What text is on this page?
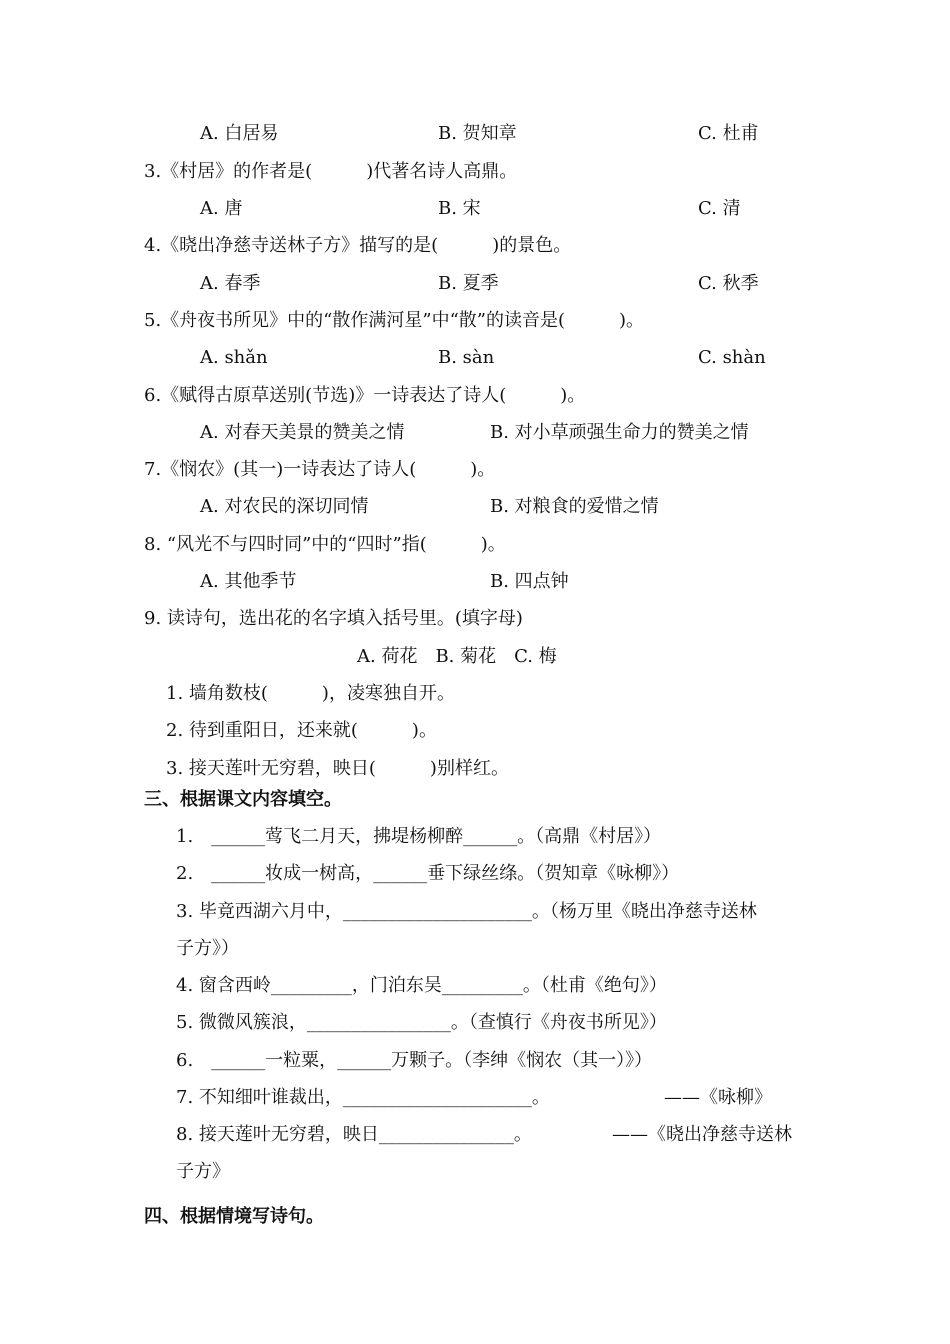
A. 白居易	B. 贺知章	C. 杜甫
3.《村居》的作者是(　　　)代著名诗人高鼎。
A. 唐	B. 宋	C. 清
4.《晓出净慈寺送林子方》描写的是(　　　)的景色。
A. 春季	B. 夏季	C. 秋季
5.《舟夜书所见》中的“散作满河星”中“散”的读音是(　　　)。
A. shǎn	B. sàn	C. shàn
6.《赋得古原草送别(节选)》一诗表达了诗人(　　　)。
A. 对春天美景的赞美之情	B. 对小草顽强生命力的赞美之情
7.《悯农》(其一)一诗表达了诗人(　　　)。
A. 对农民的深切同情	B. 对粮食的爱惜之情
8. “风光不与四时同”中的“四时”指(　　　)。
A. 其他季节	B. 四点钟
9. 读诗句，选出花的名字填入括号里。(填字母)
A. 荷花　B. 菊花　C. 梅
1. 墙角数枝(　　　)，凌寒独自开。
2. 待到重阳日，还来就(　　　)。
3. 接天莲叶无穷碧，映日(　　　)别样红。
三、根据课文内容填空。
1.　______莺飞二月天，拂堤杨柳醉______。（高鼎《村居》）
2.　______妆成一树高，______垂下绿丝绦。（贺知章《咏柳》）
3. 毕竟西湖六月中，_____________________。（杨万里《晓出净慈寺送林
子方》）
4. 窗含西岭_________，门泊东吴_________。（杜甫《绝句》）
5. 微微风簇浪，________________。（查慎行《舟夜书所见》）
6.　______一粒粟，______万颗子。（李绅《悯农（其一）》）
7. 不知细叶谁裁出，_____________________。	——《咏柳》
8. 接天莲叶无穷碧，映日_______________。	——《晓出净慈寺送林
子方》
四、根据情境写诗句。
